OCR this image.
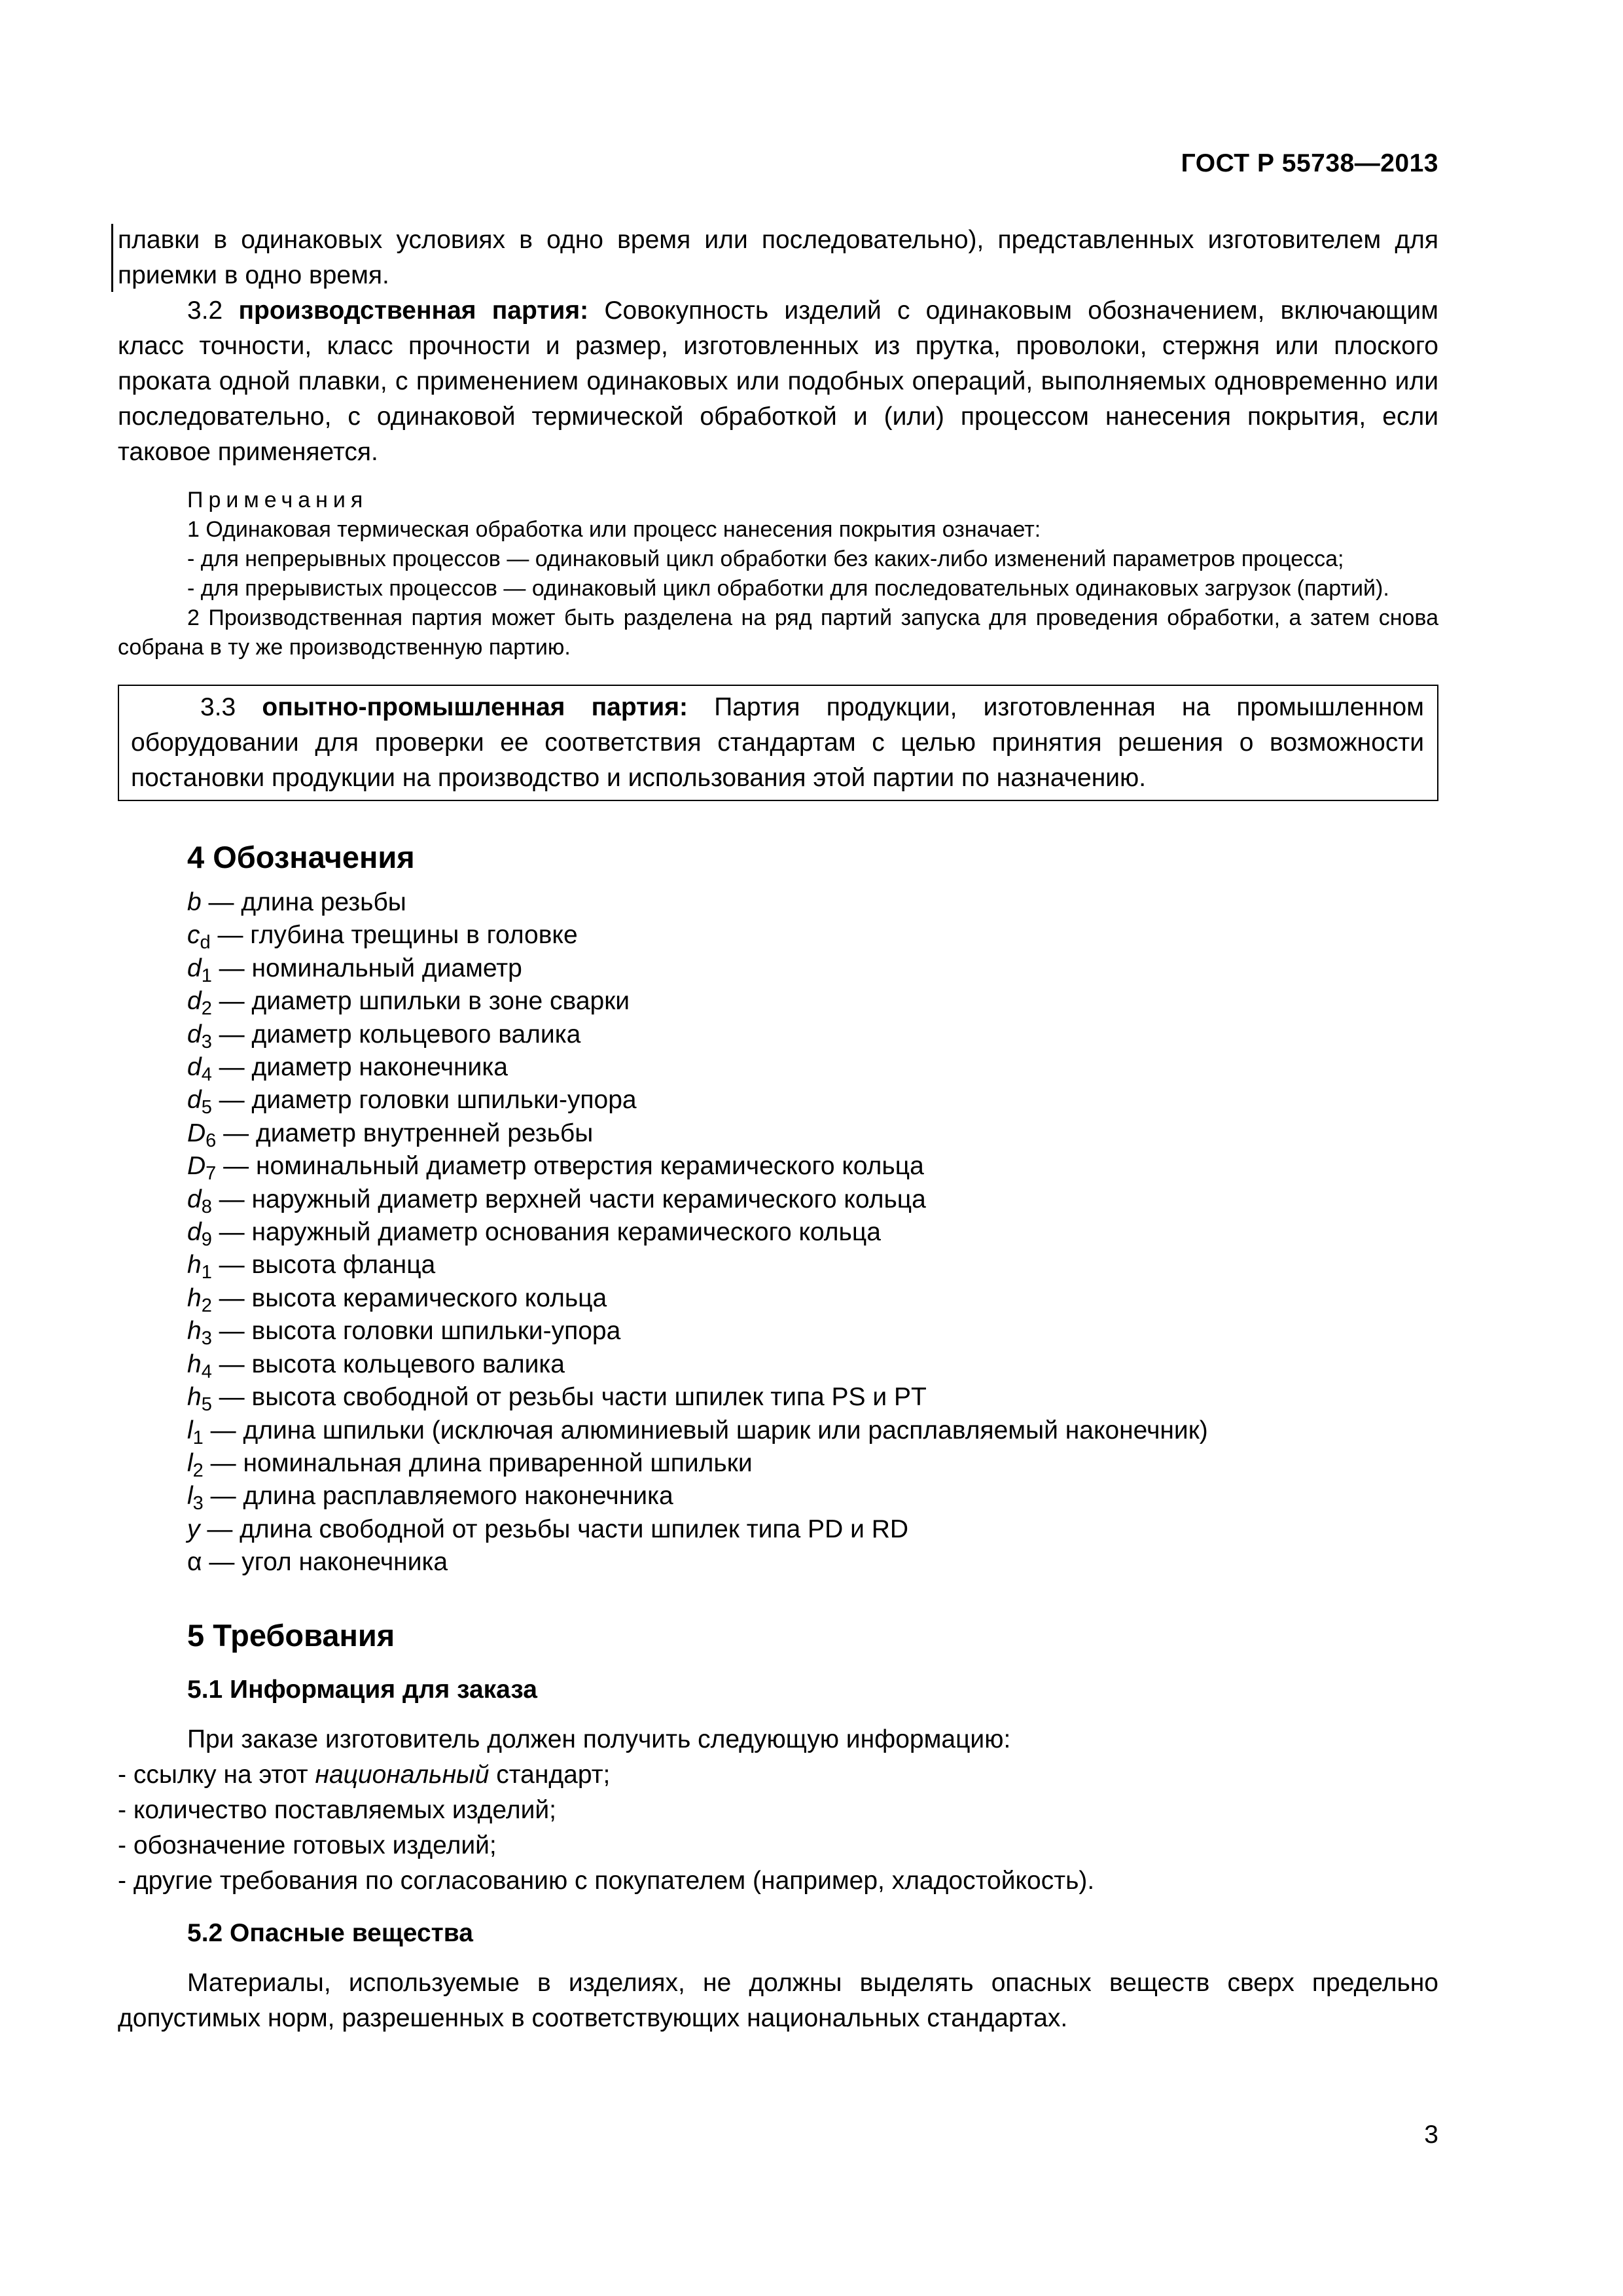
ГОСТ Р 55738—2013

плавки в одинаковых условиях в одно время или последовательно), представленных изготовителем для приемки в одно время.

3.2 производственная партия: Совокупность изделий с одинаковым обозначением, включающим класс точности, класс прочности и размер, изготовленных из прутка, проволоки, стержня или плоского проката одной плавки, с применением одинаковых или подобных операций, выполняемых одновременно или последовательно, с одинаковой термической обработкой и (или) процессом нанесения покрытия, если таковое применяется.

Примечания

1 Одинаковая термическая обработка или процесс нанесения покрытия означает:

- для непрерывных процессов — одинаковый цикл обработки без каких-либо изменений параметров процесса;

- для прерывистых процессов — одинаковый цикл обработки для последовательных одинаковых загрузок (партий).

2 Производственная партия может быть разделена на ряд партий запуска для проведения обработки, а затем снова собрана в ту же производственную партию.

3.3 опытно-промышленная партия: Партия продукции, изготовленная на промышленном оборудовании для проверки ее соответствия стандартам с целью принятия решения о возможности постановки продукции на производство и использования этой партии по назначению.

4 Обозначения
b — длина резьбы
$c_d$ — глубина трещины в головке
$d_1$ — номинальный диаметр
$d_2$ — диаметр шпильки в зоне сварки
$d_3$ — диаметр кольцевого валика
$d_4$ — диаметр наконечника
$d_5$ — диаметр головки шпильки-упора
$D_6$ — диаметр внутренней резьбы
$D_7$ — номинальный диаметр отверстия керамического кольца
$d_8$ — наружный диаметр верхней части керамического кольца
$d_9$ — наружный диаметр основания керамического кольца
$h_1$ — высота фланца
$h_2$ — высота керамического кольца
$h_3$ — высота головки шпильки-упора
$h_4$ — высота кольцевого валика
$h_5$ — высота свободной от резьбы части шпилек типа PS и PT
$l_1$ — длина шпильки (исключая алюминиевый шарик или расплавляемый наконечник)
$l_2$ — номинальная длина приваренной шпильки
$l_3$ — длина расплавляемого наконечника
y — длина свободной от резьбы части шпилек типа PD и RD
α — угол наконечника
5 Требования
5.1 Информация для заказа

При заказе изготовитель должен получить следующую информацию:

- ссылку на этот национальный стандарт;

- количество поставляемых изделий;

- обозначение готовых изделий;

- другие требования по согласованию с покупателем (например, хладостойкость).

5.2 Опасные вещества

Материалы, используемые в изделиях, не должны выделять опасных веществ сверх предельно допустимых норм, разрешенных в соответствующих национальных стандартах.

3
